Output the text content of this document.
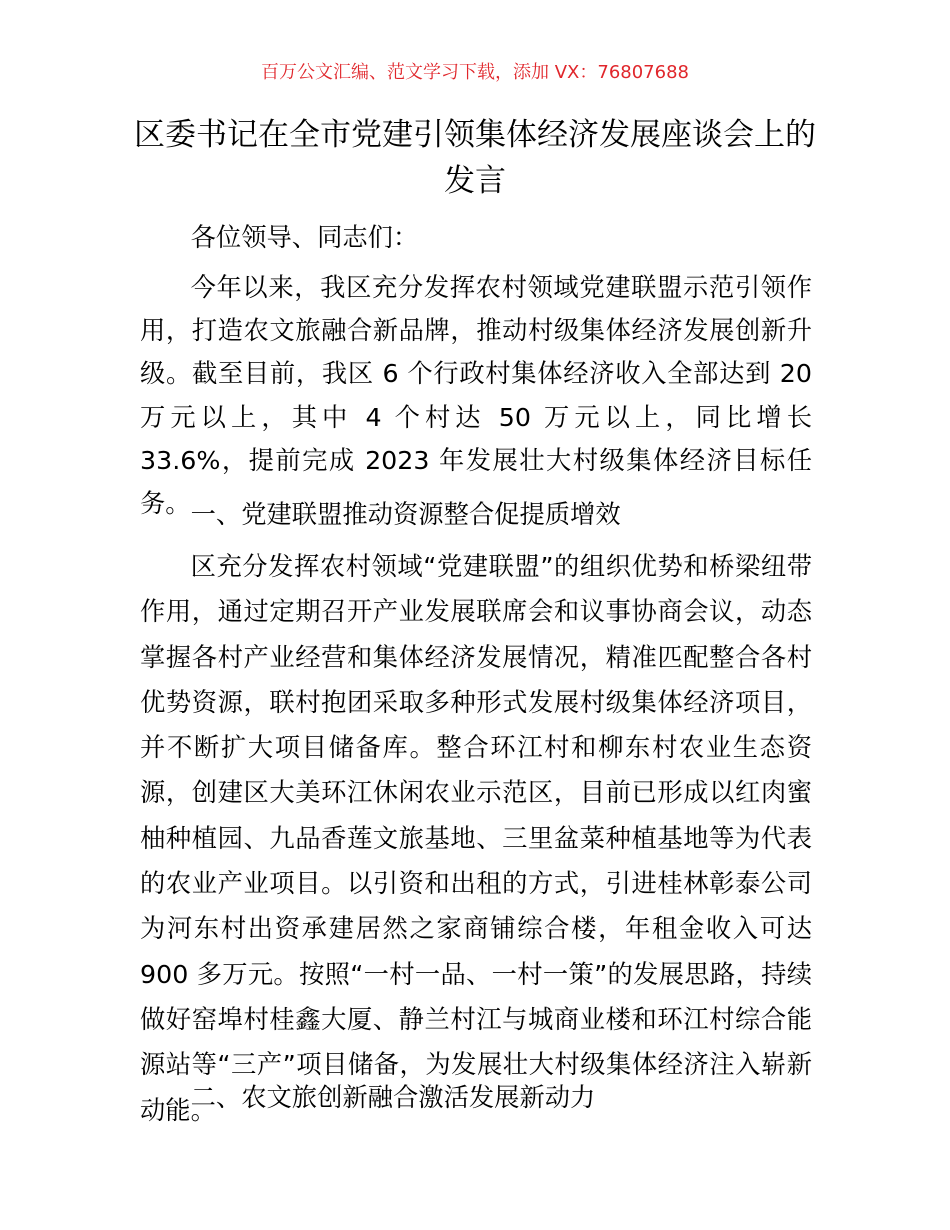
百万公文汇编、范文学习下载，添加 VX：76807688
区委书记在全市党建引领集体经济发展座谈会上的发言

各位领导、同志们：

今年以来，我区充分发挥农村领域党建联盟示范引领作用，打造农文旅融合新品牌，推动村级集体经济发展创新升级。截至目前，我区 6 个行政村集体经济收入全部达到 20 万元以上，其中 4 个村达 50 万元以上，同比增长 33.6%，提前完成 2023 年发展壮大村级集体经济目标任务。 一、党建联盟推动资源整合促提质增效

区充分发挥农村领域“党建联盟”的组织优势和桥梁纽带作用，通过定期召开产业发展联席会和议事协商会议，动态掌握各村产业经营和集体经济发展情况，精准匹配整合各村优势资源，联村抱团采取多种形式发展村级集体经济项目，并不断扩大项目储备库。整合环江村和柳东村农业生态资源，创建区大美环江休闲农业示范区，目前已形成以红肉蜜柚种植园、九品香莲文旅基地、三里盆菜种植基地等为代表的农业产业项目。以引资和出租的方式，引进桂林彰泰公司为河东村出资承建居然之家商铺综合楼，年租金收入可达 900 多万元。按照“一村一品、一村一策”的发展思路，持续做好窑埠村桂鑫大厦、静兰村江与城商业楼和环江村综合能源站等“三产”项目储备，为发展壮大村级集体经济注入崭新动能。

二、农文旅创新融合激活发展新动力
